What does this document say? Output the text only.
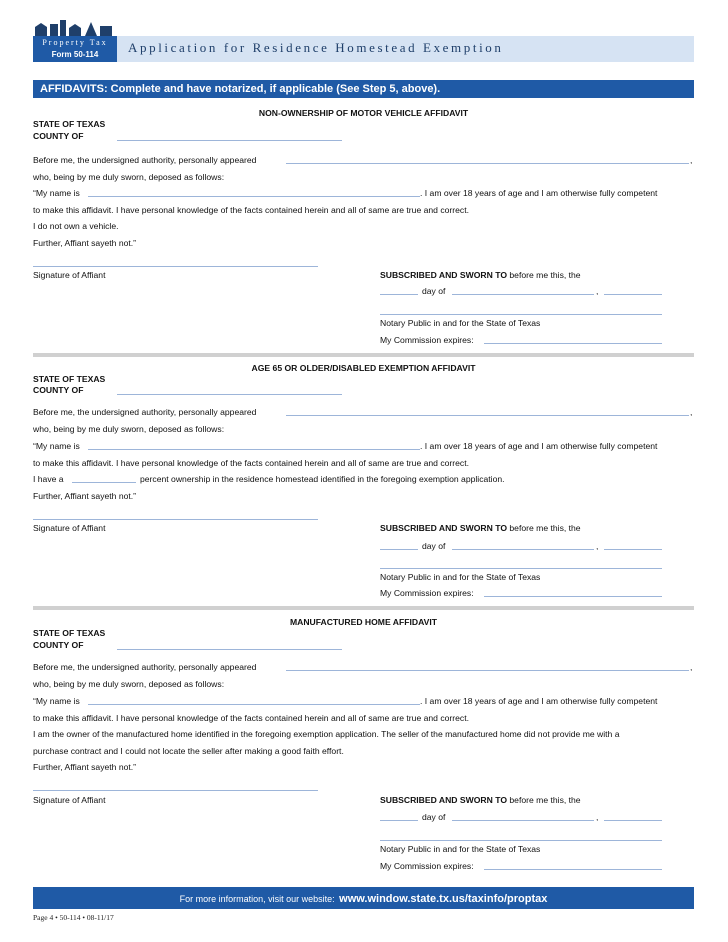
Property Tax
Form 50-114	Application for Residence Homestead Exemption
AFFIDAVITS: Complete and have notarized, if applicable (See Step 5, above).
NON-OWNERSHIP OF MOTOR VEHICLE AFFIDAVIT
STATE OF TEXAS
COUNTY OF
Before me, the undersigned authority, personally appeared	,
who, being by me duly sworn, deposed as follows:
“My name is	. I am over 18 years of age and I am otherwise fully competent
to make this affidavit. I have personal knowledge of the facts contained herein and all of same are true and correct.
I do not own a vehicle.
Further, Affiant sayeth not.”
Signature of Affiant	SUBSCRIBED AND SWORN TO before me this, the
day of	,
Notary Public in and for the State of Texas
My Commission expires:
AGE 65 OR OLDER/DISABLED EXEMPTION AFFIDAVIT
STATE OF TEXAS
COUNTY OF
Before me, the undersigned authority, personally appeared	,
who, being by me duly sworn, deposed as follows:
“My name is	. I am over 18 years of age and I am otherwise fully competent
to make this affidavit. I have personal knowledge of the facts contained herein and all of same are true and correct.
I have a	percent ownership in the residence homestead identified in the foregoing exemption application.
Further, Affiant sayeth not.”
Signature of Affiant	SUBSCRIBED AND SWORN TO before me this, the
day of	,
Notary Public in and for the State of Texas
My Commission expires:
MANUFACTURED HOME AFFIDAVIT
STATE OF TEXAS
COUNTY OF
Before me, the undersigned authority, personally appeared	,
who, being by me duly sworn, deposed as follows:
“My name is	. I am over 18 years of age and I am otherwise fully competent
to make this affidavit. I have personal knowledge of the facts contained herein and all of same are true and correct.
I am the owner of the manufactured home identified in the foregoing exemption application. The seller of the manufactured home did not provide me with a
purchase contract and I could not locate the seller after making a good faith effort.
Further, Affiant sayeth not.”
Signature of Affiant	SUBSCRIBED AND SWORN TO before me this, the
day of	,
Notary Public in and for the State of Texas
My Commission expires:
For more information, visit our website: www.window.state.tx.us/taxinfo/proptax
Page 4 • 50-114 • 08-11/17
